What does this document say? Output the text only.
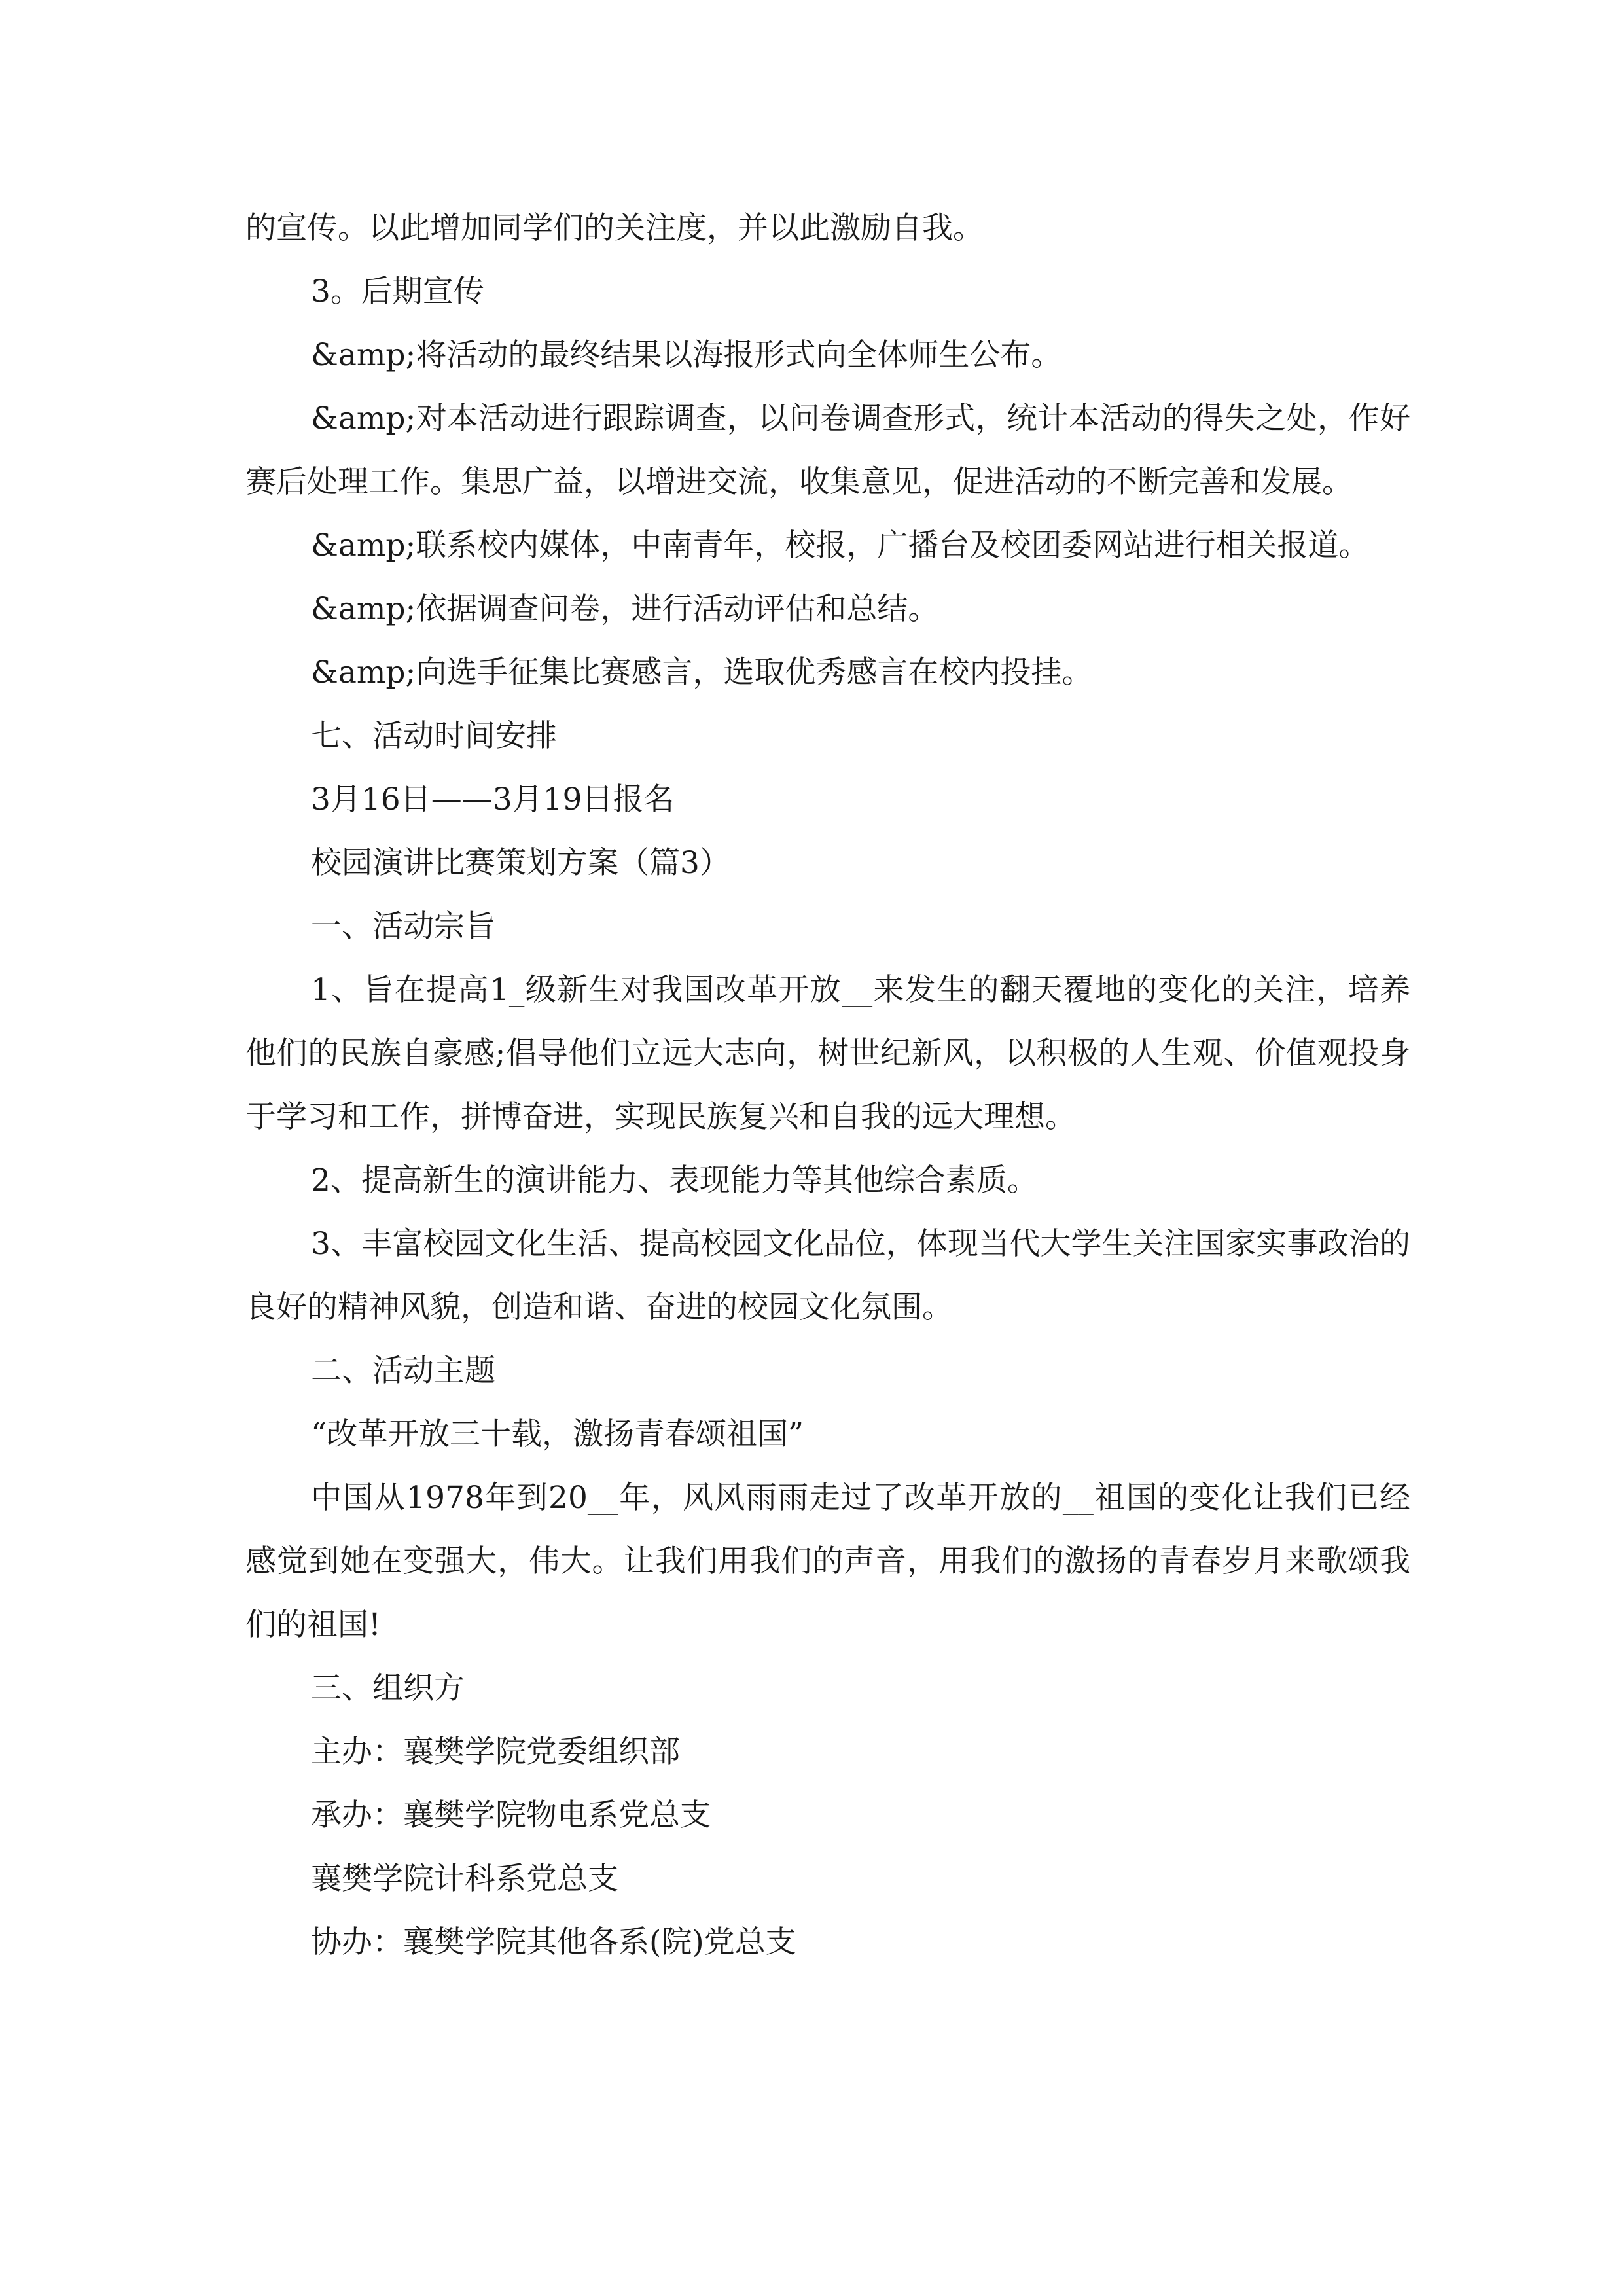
的宣传。以此增加同学们的关注度，并以此激励自我。

3。后期宣传

&amp;将活动的最终结果以海报形式向全体师生公布。

&amp;对本活动进行跟踪调查，以问卷调查形式，统计本活动的得失之处，作好赛后处理工作。集思广益，以增进交流，收集意见，促进活动的不断完善和发展。

&amp;联系校内媒体，中南青年，校报，广播台及校团委网站进行相关报道。

&amp;依据调查问卷，进行活动评估和总结。

&amp;向选手征集比赛感言，选取优秀感言在校内投挂。

七、活动时间安排

3月16日——3月19日报名

校园演讲比赛策划方案（篇3）

一、活动宗旨

1、旨在提高1_级新生对我国改革开放__来发生的翻天覆地的变化的关注，培养他们的民族自豪感;倡导他们立远大志向，树世纪新风，以积极的人生观、价值观投身于学习和工作，拼博奋进，实现民族复兴和自我的远大理想。

2、提高新生的演讲能力、表现能力等其他综合素质。

3、丰富校园文化生活、提高校园文化品位，体现当代大学生关注国家实事政治的良好的精神风貌，创造和谐、奋进的校园文化氛围。

二、活动主题

“改革开放三十载，激扬青春颂祖国”

中国从1978年到20__年，风风雨雨走过了改革开放的__祖国的变化让我们已经感觉到她在变强大，伟大。让我们用我们的声音，用我们的激扬的青春岁月来歌颂我们的祖国!

三、组织方

主办：襄樊学院党委组织部

承办：襄樊学院物电系党总支

襄樊学院计科系党总支

协办：襄樊学院其他各系(院)党总支
